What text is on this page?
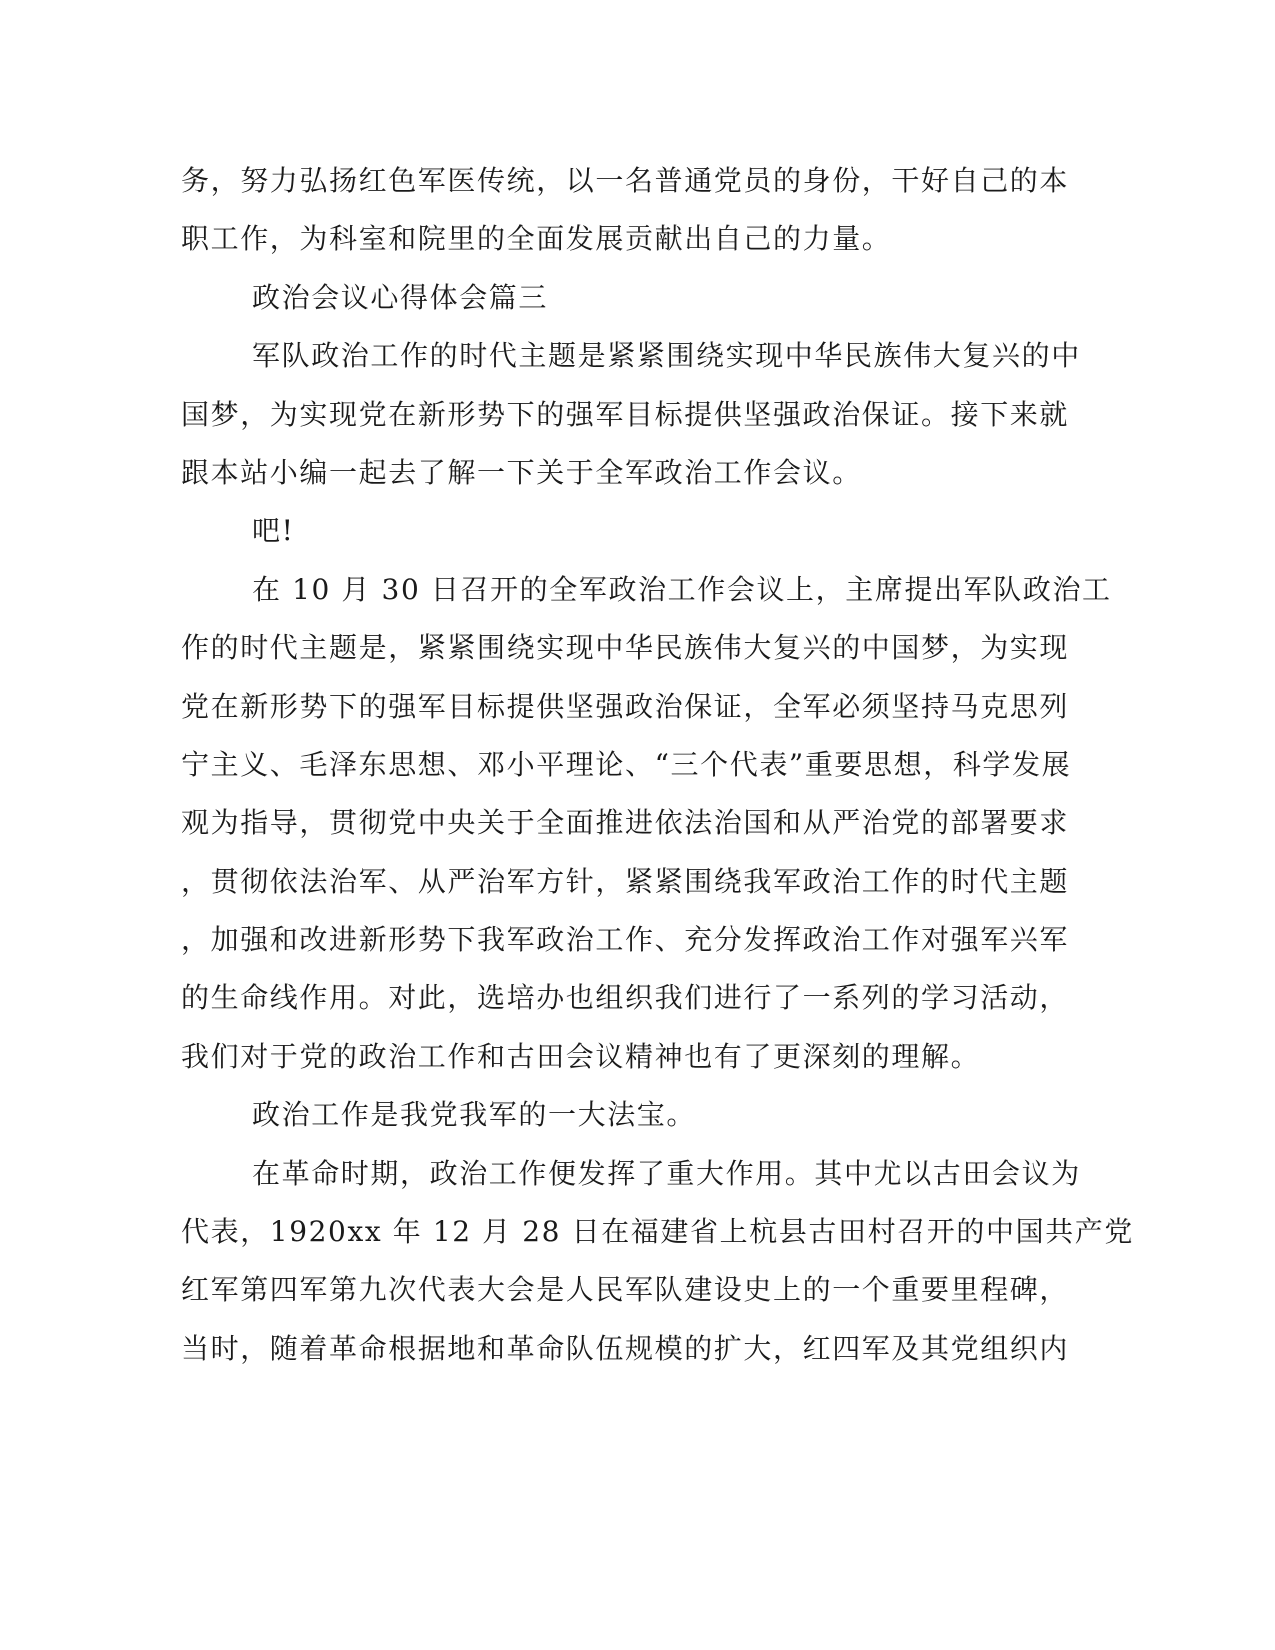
务，努力弘扬红色军医传统，以一名普通党员的身份，干好自己的本
职工作，为科室和院里的全面发展贡献出自己的力量。
政治会议心得体会篇三
军队政治工作的时代主题是紧紧围绕实现中华民族伟大复兴的中
国梦，为实现党在新形势下的强军目标提供坚强政治保证。接下来就
跟本站小编一起去了解一下关于全军政治工作会议。
吧!
在 10 月 30 日召开的全军政治工作会议上，主席提出军队政治工
作的时代主题是，紧紧围绕实现中华民族伟大复兴的中国梦，为实现
党在新形势下的强军目标提供坚强政治保证，全军必须坚持马克思列
宁主义、毛泽东思想、邓小平理论、“三个代表”重要思想，科学发展
观为指导，贯彻党中央关于全面推进依法治国和从严治党的部署要求
，贯彻依法治军、从严治军方针，紧紧围绕我军政治工作的时代主题
，加强和改进新形势下我军政治工作、充分发挥政治工作对强军兴军
的生命线作用。对此，选培办也组织我们进行了一系列的学习活动，
我们对于党的政治工作和古田会议精神也有了更深刻的理解。
政治工作是我党我军的一大法宝。
在革命时期，政治工作便发挥了重大作用。其中尤以古田会议为
代表，1920xx 年 12 月 28 日在福建省上杭县古田村召开的中国共产党
红军第四军第九次代表大会是人民军队建设史上的一个重要里程碑，
当时，随着革命根据地和革命队伍规模的扩大，红四军及其党组织内
